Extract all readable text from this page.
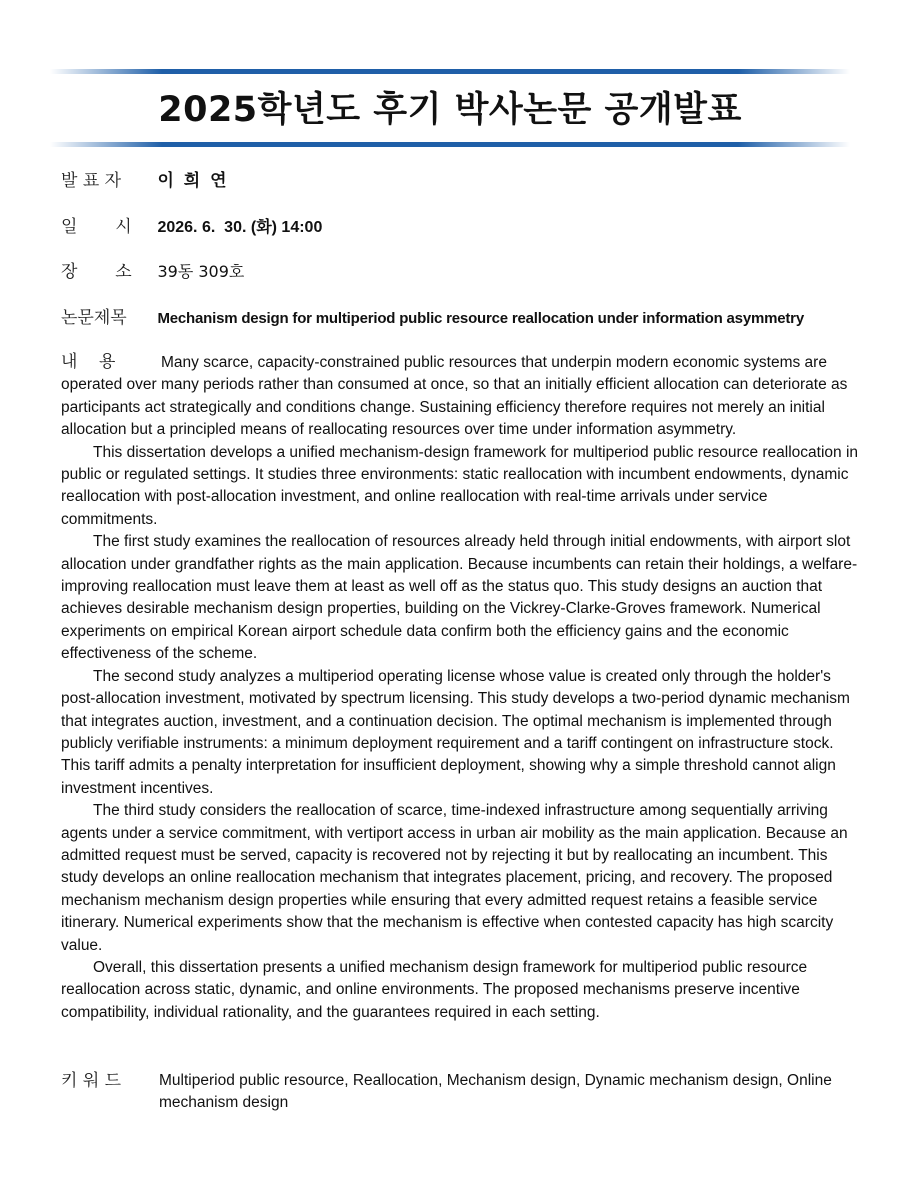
2025학년도 후기 박사논문 공개발표
발 표 자 이 희 연
일       시 2026. 6.  30. (화) 14:00
장       소 39동 309호
논문제목 Mechanism design for multiperiod public resource reallocation under information asymmetry

내    용	Many scarce, capacity-constrained public resources that underpin modern economic systems are operated over many periods rather than consumed at once, so that an initially efficient allocation can deteriorate as participants act strategically and conditions change. Sustaining efficiency therefore requires not merely an initial allocation but a principled means of reallocating resources over time under information asymmetry.

This dissertation develops a unified mechanism-design framework for multiperiod public resource reallocation in public or regulated settings. It studies three environments: static reallocation with incumbent endowments, dynamic reallocation with post-allocation investment, and online reallocation with real-time arrivals under service commitments.

The first study examines the reallocation of resources already held through initial endowments, with airport slot allocation under grandfather rights as the main application. Because incumbents can retain their holdings, a welfare-improving reallocation must leave them at least as well off as the status quo. This study designs an auction that achieves desirable mechanism design properties, building on the Vickrey-Clarke-Groves framework. Numerical experiments on empirical Korean airport schedule data confirm both the efficiency gains and the economic effectiveness of the scheme.

The second study analyzes a multiperiod operating license whose value is created only through the holder's post-allocation investment, motivated by spectrum licensing. This study develops a two-period dynamic mechanism that integrates auction, investment, and a continuation decision. The optimal mechanism is implemented through publicly verifiable instruments: a minimum deployment requirement and a tariff contingent on infrastructure stock. This tariff admits a penalty interpretation for insufficient deployment, showing why a simple threshold cannot align investment incentives.

The third study considers the reallocation of scarce, time-indexed infrastructure among sequentially arriving agents under a service commitment, with vertiport access in urban air mobility as the main application. Because an admitted request must be served, capacity is recovered not by rejecting it but by reallocating an incumbent. This study develops an online reallocation mechanism that integrates placement, pricing, and recovery. The proposed mechanism mechanism design properties while ensuring that every admitted request retains a feasible service itinerary. Numerical experiments show that the mechanism is effective when contested capacity has high scarcity value.

Overall, this dissertation presents a unified mechanism design framework for multiperiod public resource reallocation across static, dynamic, and online environments. The proposed mechanisms preserve incentive compatibility, individual rationality, and the guarantees required in each setting.

키 워 드 Multiperiod public resource, Reallocation, Mechanism design, Dynamic mechanism design, Online mechanism design
